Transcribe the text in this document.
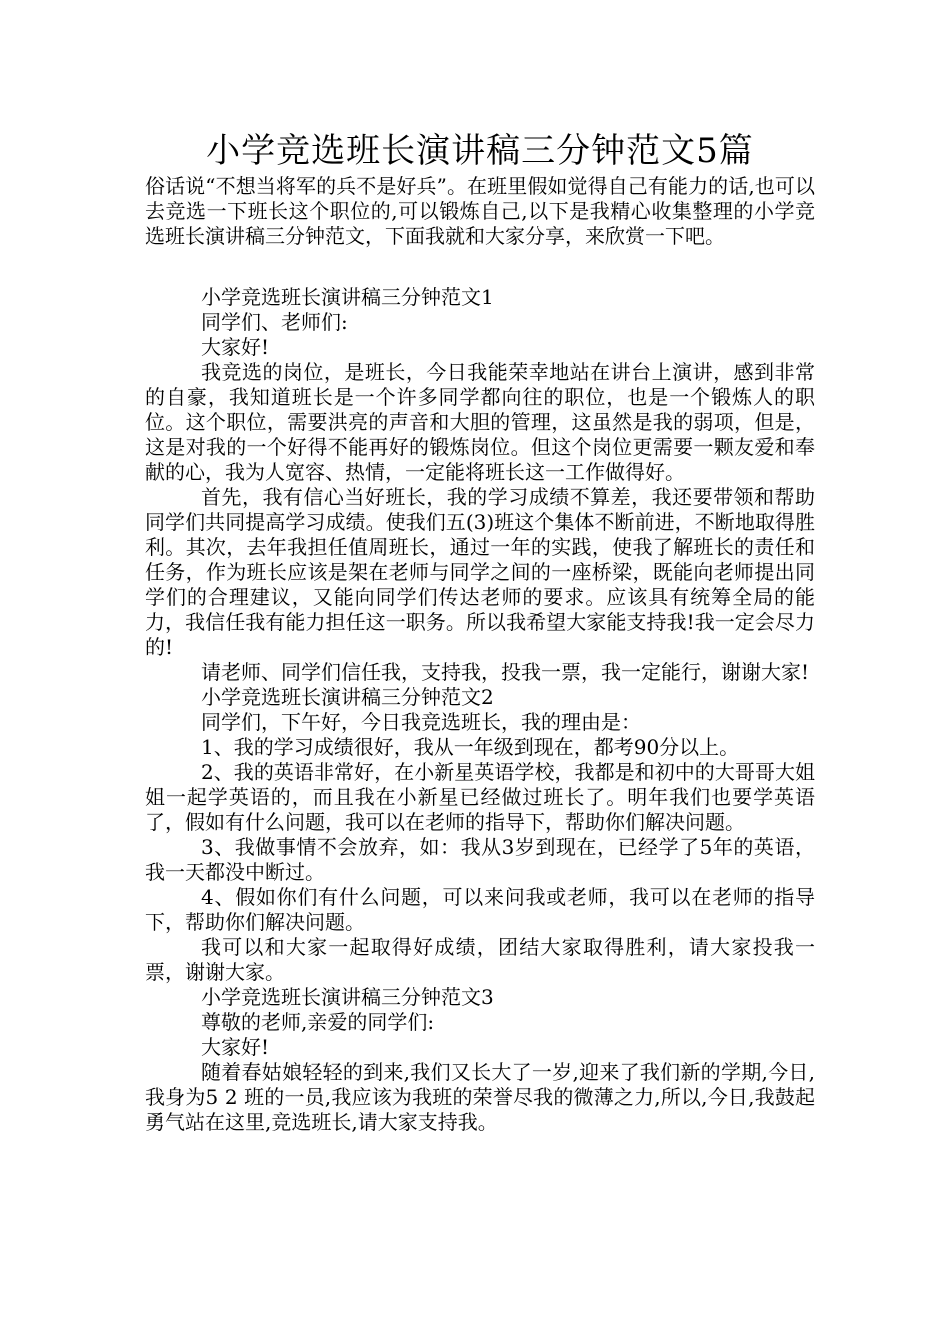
小学竞选班长演讲稿三分钟范文5篇

俗话说“不想当将军的兵不是好兵”。在班里假如觉得自己有能力的话,也可以去竞选一下班长这个职位的,可以锻炼自己,以下是我精心收集整理的小学竞选班长演讲稿三分钟范文，下面我就和大家分享，来欣赏一下吧。

小学竞选班长演讲稿三分钟范文1

同学们、老师们:

大家好!

我竞选的岗位，是班长，今日我能荣幸地站在讲台上演讲，感到非常的自豪，我知道班长是一个许多同学都向往的职位，也是一个锻炼人的职位。这个职位，需要洪亮的声音和大胆的管理，这虽然是我的弱项，但是，这是对我的一个好得不能再好的锻炼岗位。但这个岗位更需要一颗友爱和奉献的心，我为人宽容、热情，一定能将班长这一工作做得好。

首先，我有信心当好班长，我的学习成绩不算差，我还要带领和帮助同学们共同提高学习成绩。使我们五(3)班这个集体不断前进，不断地取得胜利。其次，去年我担任值周班长，通过一年的实践，使我了解班长的责任和任务，作为班长应该是架在老师与同学之间的一座桥梁，既能向老师提出同学们的合理建议，又能向同学们传达老师的要求。应该具有统筹全局的能力，我信任我有能力担任这一职务。所以我希望大家能支持我!我一定会尽力的!

请老师、同学们信任我，支持我，投我一票，我一定能行，谢谢大家!

小学竞选班长演讲稿三分钟范文2

同学们，下午好，今日我竞选班长，我的理由是：

1、我的学习成绩很好，我从一年级到现在，都考90分以上。

2、我的英语非常好，在小新星英语学校，我都是和初中的大哥哥大姐姐一起学英语的，而且我在小新星已经做过班长了。明年我们也要学英语了，假如有什么问题，我可以在老师的指导下，帮助你们解决问题。

3、我做事情不会放弃，如：我从3岁到现在，已经学了5年的英语，我一天都没中断过。

4、假如你们有什么问题，可以来问我或老师，我可以在老师的指导下，帮助你们解决问题。

我可以和大家一起取得好成绩，团结大家取得胜利，请大家投我一票，谢谢大家。

小学竞选班长演讲稿三分钟范文3

尊敬的老师,亲爱的同学们:

大家好!

随着春姑娘轻轻的到来,我们又长大了一岁,迎来了我们新的学期,今日,我身为5 2 班的一员,我应该为我班的荣誉尽我的微薄之力,所以,今日,我鼓起勇气站在这里,竞选班长,请大家支持我。
